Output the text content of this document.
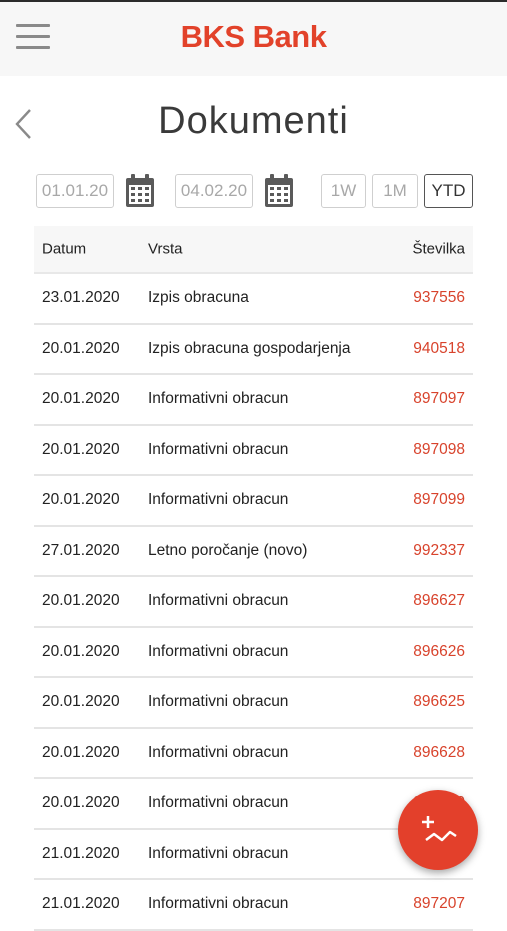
BKS Bank
Dokumenti
01.01.20	04.02.20	1W	1M	YTD
Datum	Vrsta	Številka
23.01.2020 Izpis obracuna	937556
20.01.2020 Izpis obracuna gospodarjenja	940518
20.01.2020 Informativni obracun	897097
20.01.2020 Informativni obracun	897098
20.01.2020 Informativni obracun	897099
27.01.2020 Letno poročanje (novo)	992337
20.01.2020 Informativni obracun	896627
20.01.2020 Informativni obracun	896626
20.01.2020 Informativni obracun	896625
20.01.2020 Informativni obracun	896628
20.01.2020 Informativni obracun
21.01.2020 Informativni obracun
21.01.2020 Informativni obracun	897207
